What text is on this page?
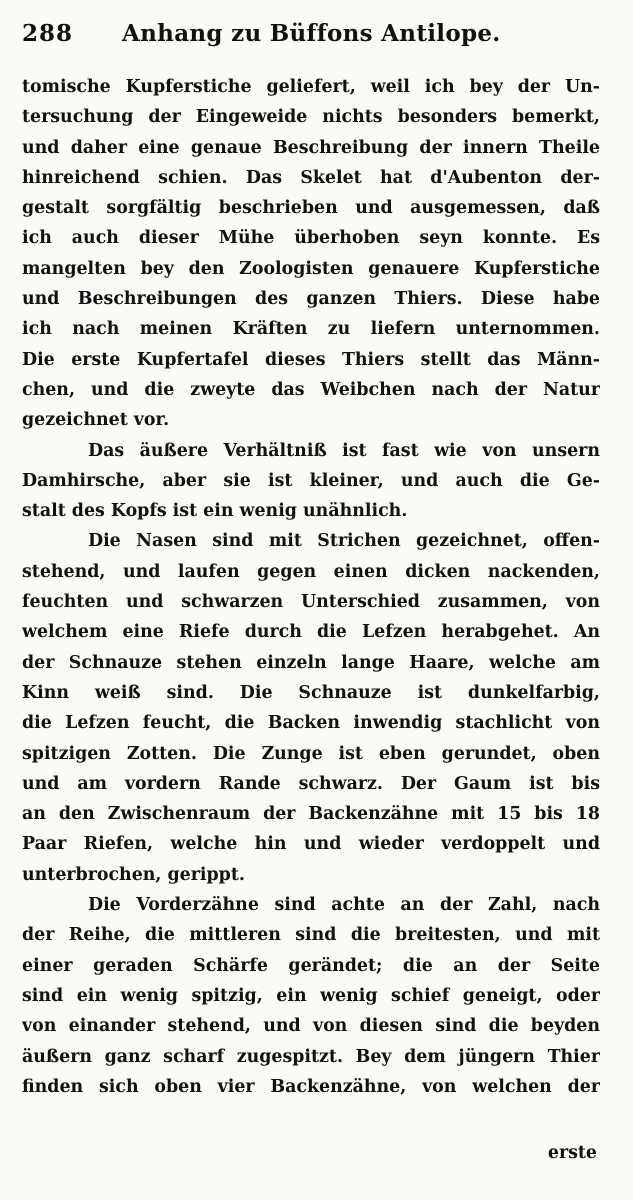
288 Anhang zu Büffons Antilope.
tomische Kupferstiche geliefert, weil ich bey der Un-
tersuchung der Eingeweide nichts besonders bemerkt,
und daher eine genaue Beschreibung der innern Theile
hinreichend schien. Das Skelet hat d'Aubenton der-
gestalt sorgfältig beschrieben und ausgemessen, daß
ich auch dieser Mühe überhoben seyn konnte. Es
mangelten bey den Zoologisten genauere Kupferstiche
und Beschreibungen des ganzen Thiers. Diese habe
ich nach meinen Kräften zu liefern unternommen.
Die erste Kupfertafel dieses Thiers stellt das Männ-
chen, und die zweyte das Weibchen nach der Natur
gezeichnet vor.
Das äußere Verhältniß ist fast wie von unsern
Damhirsche, aber sie ist kleiner, und auch die Ge-
stalt des Kopfs ist ein wenig unähnlich.
Die Nasen sind mit Strichen gezeichnet, offen-
stehend, und laufen gegen einen dicken nackenden,
feuchten und schwarzen Unterschied zusammen, von
welchem eine Riefe durch die Lefzen herabgehet. An
der Schnauze stehen einzeln lange Haare, welche am
Kinn weiß sind. Die Schnauze ist dunkelfarbig,
die Lefzen feucht, die Backen inwendig stachlicht von
spitzigen Zotten. Die Zunge ist eben gerundet, oben
und am vordern Rande schwarz. Der Gaum ist bis
an den Zwischenraum der Backenzähne mit 15 bis 18
Paar Riefen, welche hin und wieder verdoppelt und
unterbrochen, gerippt.
Die Vorderzähne sind achte an der Zahl, nach
der Reihe, die mittleren sind die breitesten, und mit
einer geraden Schärfe gerändet; die an der Seite
sind ein wenig spitzig, ein wenig schief geneigt, oder
von einander stehend, und von diesen sind die beyden
äußern ganz scharf zugespitzt. Bey dem jüngern Thier
finden sich oben vier Backenzähne, von welchen der
erste
